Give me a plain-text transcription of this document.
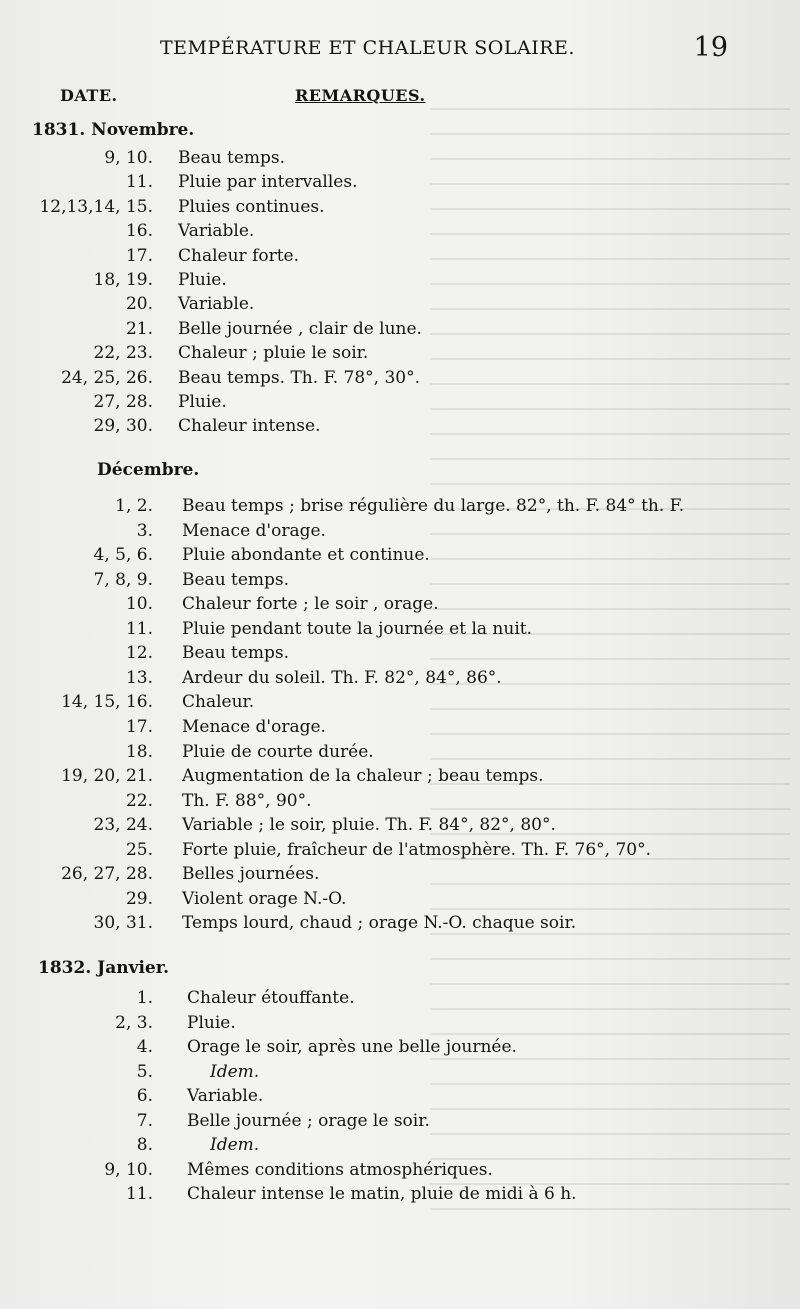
TEMPÉRATURE ET CHALEUR SOLAIRE.	19
DATE.	REMARQUES.
1831. Novembre.
9, 10. Beau temps.
11. Pluie par intervalles.
12,13,14, 15. Pluies continues.
16. Variable.
17. Chaleur forte.
18, 19. Pluie.
20. Variable.
21. Belle journée , clair de lune.
22, 23. Chaleur ; pluie le soir.
24, 25, 26. Beau temps. Th. F. 78°, 30°.
27, 28. Pluie.
29, 30. Chaleur intense.
Décembre.
1, 2. Beau temps ; brise régulière du large. 82°, th. F. 84° th. F.
3. Menace d'orage.
4, 5, 6. Pluie abondante et continue.
7, 8, 9. Beau temps.
10. Chaleur forte ; le soir , orage.
11. Pluie pendant toute la journée et la nuit.
12. Beau temps.
13. Ardeur du soleil. Th. F. 82°, 84°, 86°.
14, 15, 16. Chaleur.
17. Menace d'orage.
18. Pluie de courte durée.
19, 20, 21. Augmentation de la chaleur ; beau temps.
22. Th. F. 88°, 90°.
23, 24. Variable ; le soir, pluie. Th. F. 84°, 82°, 80°.
25. Forte pluie, fraîcheur de l'atmosphère. Th. F. 76°, 70°.
26, 27, 28. Belles journées.
29. Violent orage N.-O.
30, 31. Temps lourd, chaud ; orage N.-O. chaque soir.
1832. Janvier.
1. Chaleur étouffante.
2, 3. Pluie.
4. Orage le soir, après une belle journée.
5.	Idem.
6. Variable.
7. Belle journée ; orage le soir.
8.	Idem.
9, 10. Mêmes conditions atmosphériques.
11. Chaleur intense le matin, pluie de midi à 6 h.
